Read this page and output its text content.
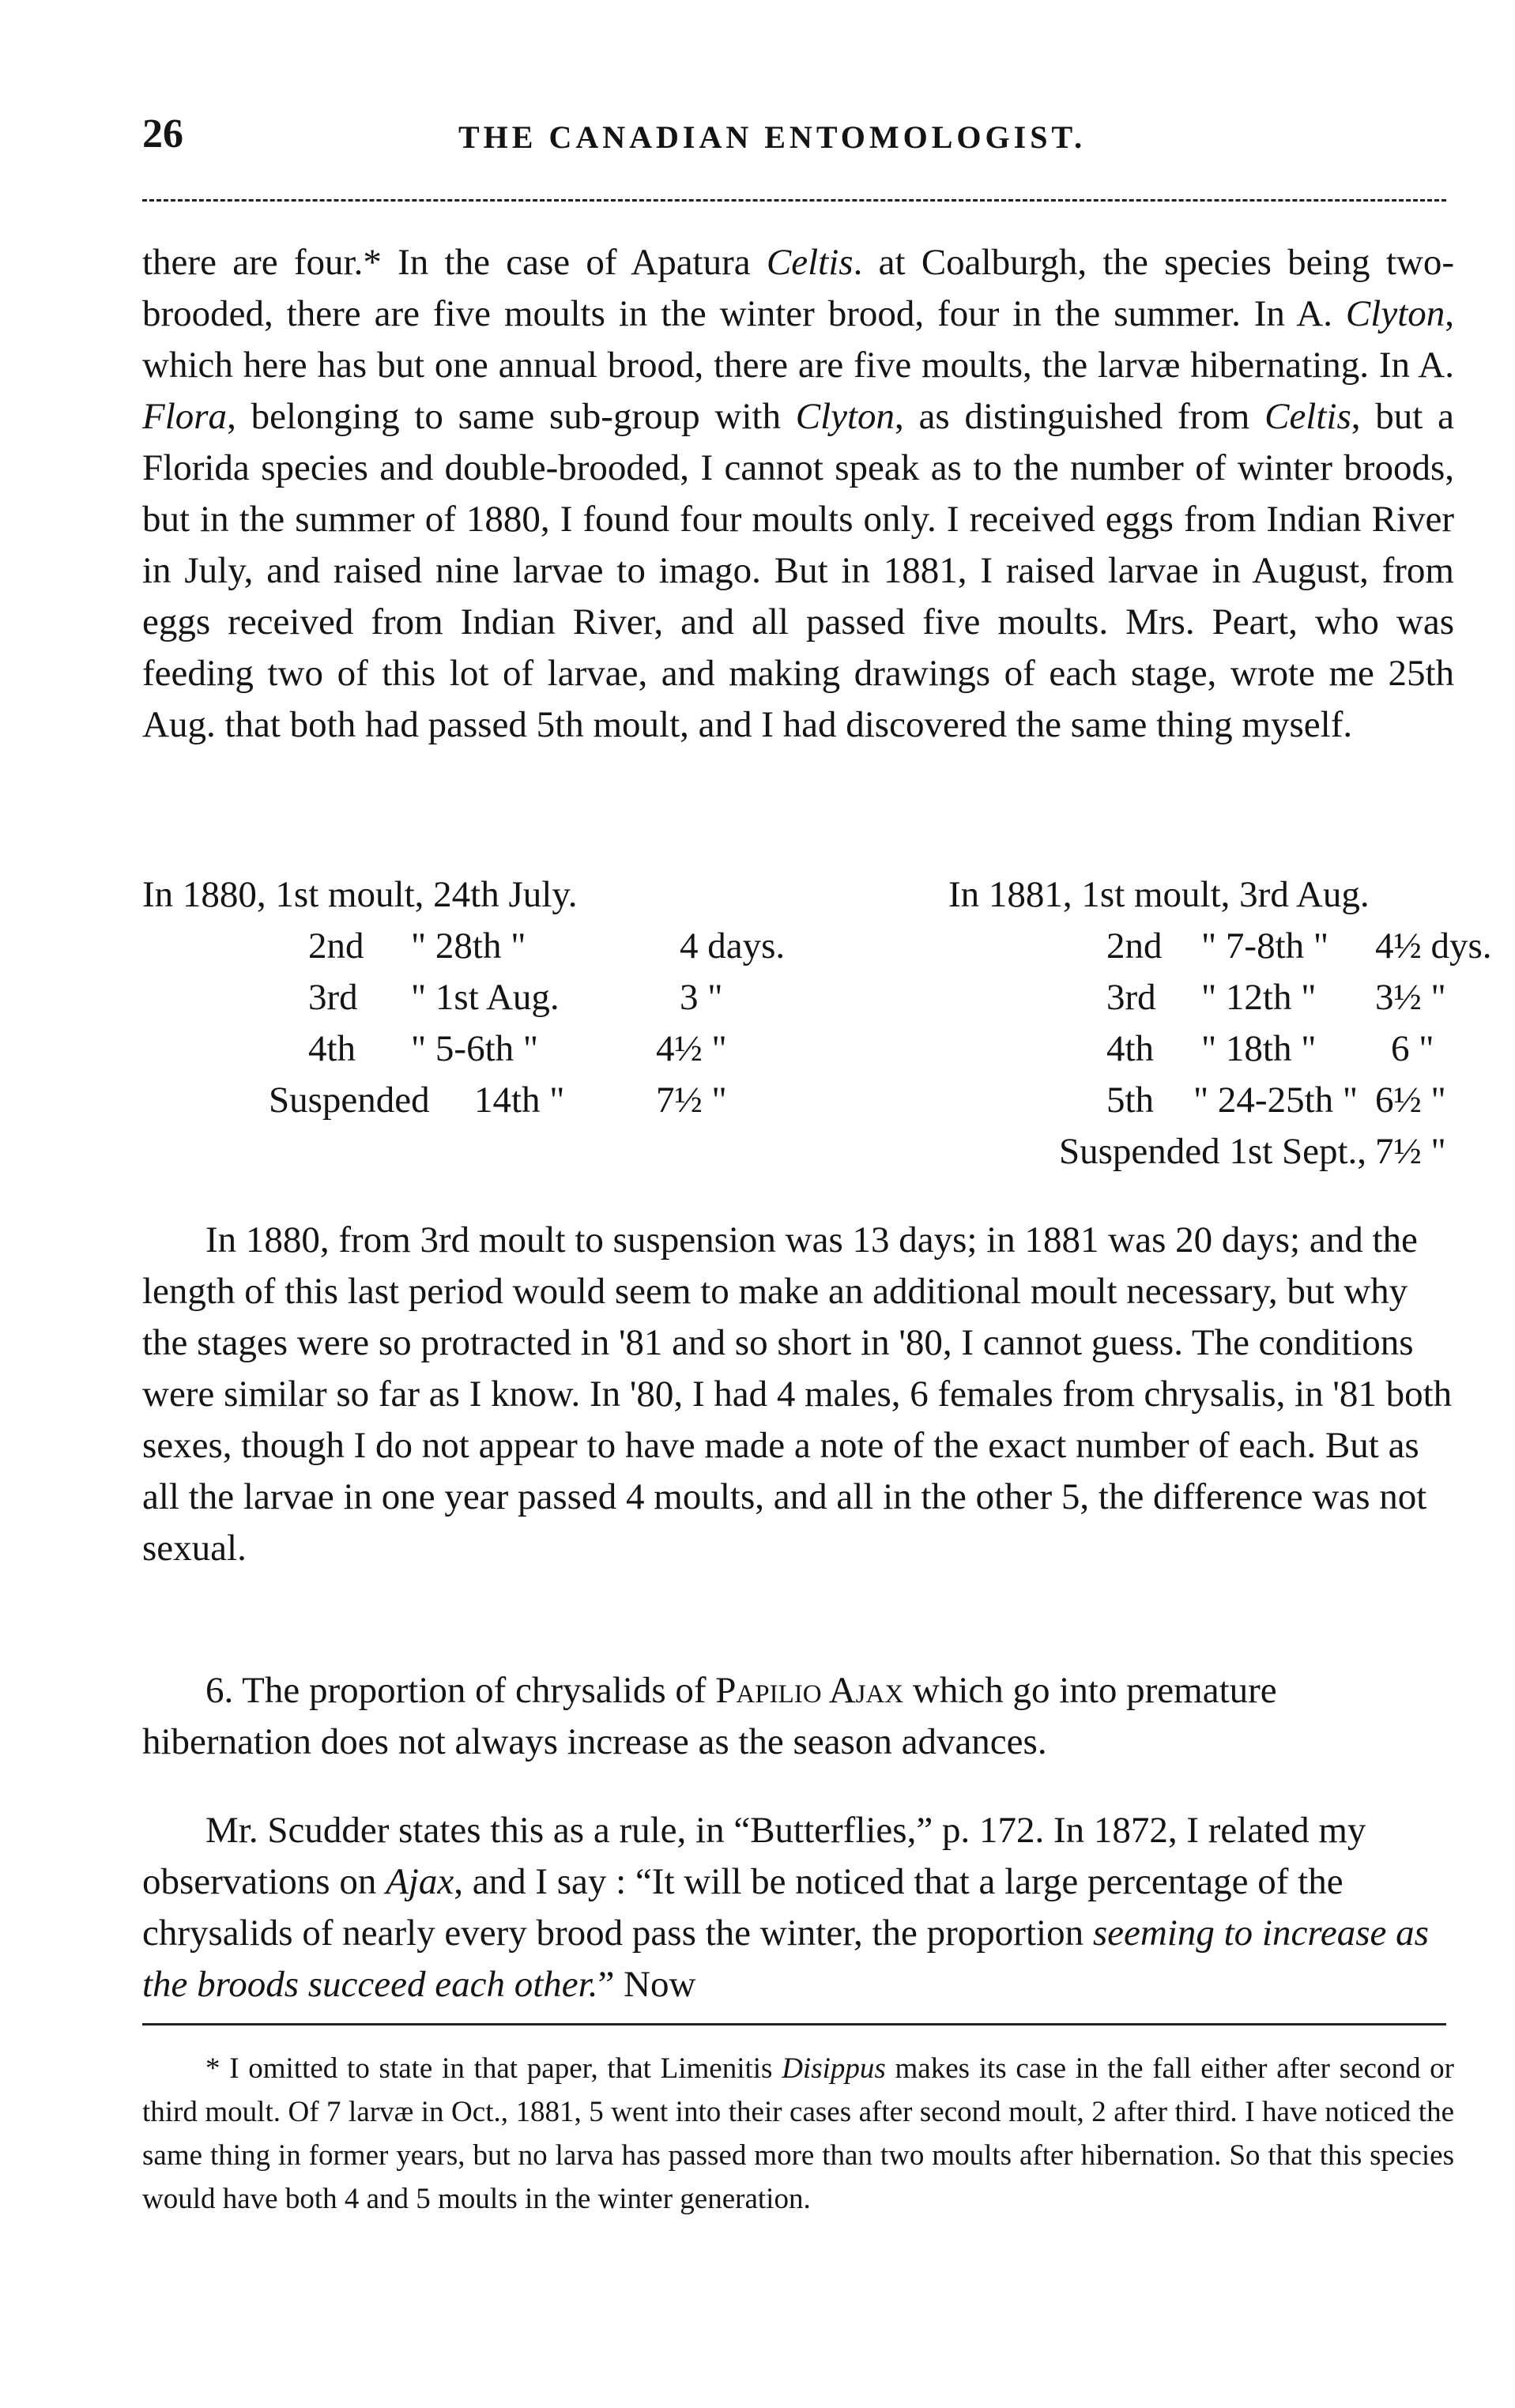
26	THE CANADIAN ENTOMOLOGIST.

there are four.* In the case of Apatura Celtis. at Coalburgh, the species being two-brooded, there are five moults in the winter brood, four in the summer. In A. Clyton, which here has but one annual brood, there are five moults, the larvæ hibernating. In A. Flora, belonging to same sub-group with Clyton, as distinguished from Celtis, but a Florida species and double-brooded, I cannot speak as to the number of winter broods, but in the summer of 1880, I found four moults only. I received eggs from Indian River in July, and raised nine larvae to imago. But in 1881, I raised larvae in August, from eggs received from Indian River, and all passed five moults. Mrs. Peart, who was feeding two of this lot of larvae, and making drawings of each stage, wrote me 25th Aug. that both had passed 5th moult, and I had discovered the same thing myself.

In 1880, 1st moult, 24th July.
2nd " 28th "	4 days.
3rd " 1st Aug.	3 "
4th " 5-6th "	4½ "
Suspended 14th " 7½ "
In 1881, 1st moult, 3rd Aug.
2nd " 7-8th " 4½ dys.
3rd " 12th " 3½ "
4th " 18th " 6 "
5th " 24-25th " 6½ "
Suspended 1st Sept., 7½ "

In 1880, from 3rd moult to suspension was 13 days; in 1881 was 20 days; and the length of this last period would seem to make an additional moult necessary, but why the stages were so protracted in '81 and so short in '80, I cannot guess. The conditions were similar so far as I know. In '80, I had 4 males, 6 females from chrysalis, in '81 both sexes, though I do not appear to have made a note of the exact number of each. But as all the larvae in one year passed 4 moults, and all in the other 5, the difference was not sexual.

6. The proportion of chrysalids of Papilio Ajax which go into premature hibernation does not always increase as the season advances.

Mr. Scudder states this as a rule, in “Butterflies,” p. 172. In 1872, I related my observations on Ajax, and I say : “It will be noticed that a large percentage of the chrysalids of nearly every brood pass the winter, the proportion seeming to increase as the broods succeed each other.” Now

* I omitted to state in that paper, that Limenitis Disippus makes its case in the fall either after second or third moult. Of 7 larvæ in Oct., 1881, 5 went into their cases after second moult, 2 after third. I have noticed the same thing in former years, but no larva has passed more than two moults after hibernation. So that this species would have both 4 and 5 moults in the winter generation.
